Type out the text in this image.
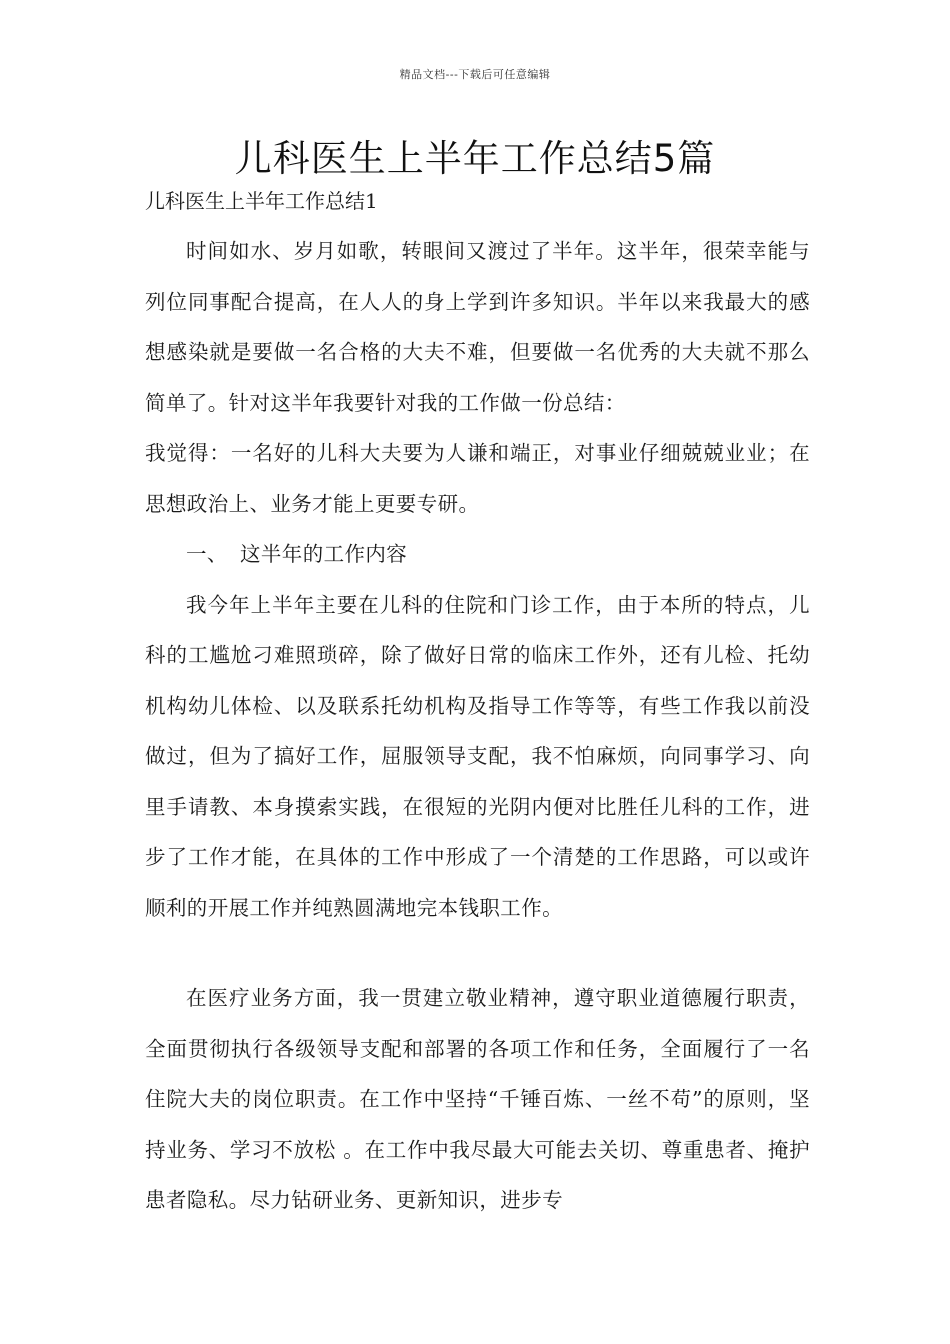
精品文档---下载后可任意编辑
儿科医生上半年工作总结5篇
儿科医生上半年工作总结1

时间如水、岁月如歌，转眼间又渡过了半年。这半年，很荣幸能与列位同事配合提高，在人人的身上学到许多知识。半年以来我最大的感想感染就是要做一名合格的大夫不难，但要做一名优秀的大夫就不那么简单了。针对这半年我要针对我的工作做一份总结：

我觉得：一名好的儿科大夫要为人谦和端正，对事业仔细兢兢业业；在思想政治上、业务才能上更要专研。

一、 这半年的工作内容

我今年上半年主要在儿科的住院和门诊工作，由于本所的特点，儿科的工尴尬刁难照琐碎，除了做好日常的临床工作外，还有儿检、托幼机构幼儿体检、以及联系托幼机构及指导工作等等，有些工作我以前没做过，但为了搞好工作，屈服领导支配，我不怕麻烦，向同事学习、向里手请教、本身摸索实践，在很短的光阴内便对比胜任儿科的工作，进步了工作才能，在具体的工作中形成了一个清楚的工作思路，可以或许顺利的开展工作并纯熟圆满地完本钱职工作。

在医疗业务方面，我一贯建立敬业精神，遵守职业道德履行职责，全面贯彻执行各级领导支配和部署的各项工作和任务，全面履行了一名住院大夫的岗位职责。在工作中坚持“千锤百炼、一丝不苟”的原则，坚持业务、学习不放松 。在工作中我尽最大可能去关切、尊重患者、掩护患者隐私。尽力钻研业务、更新知识，进步专
